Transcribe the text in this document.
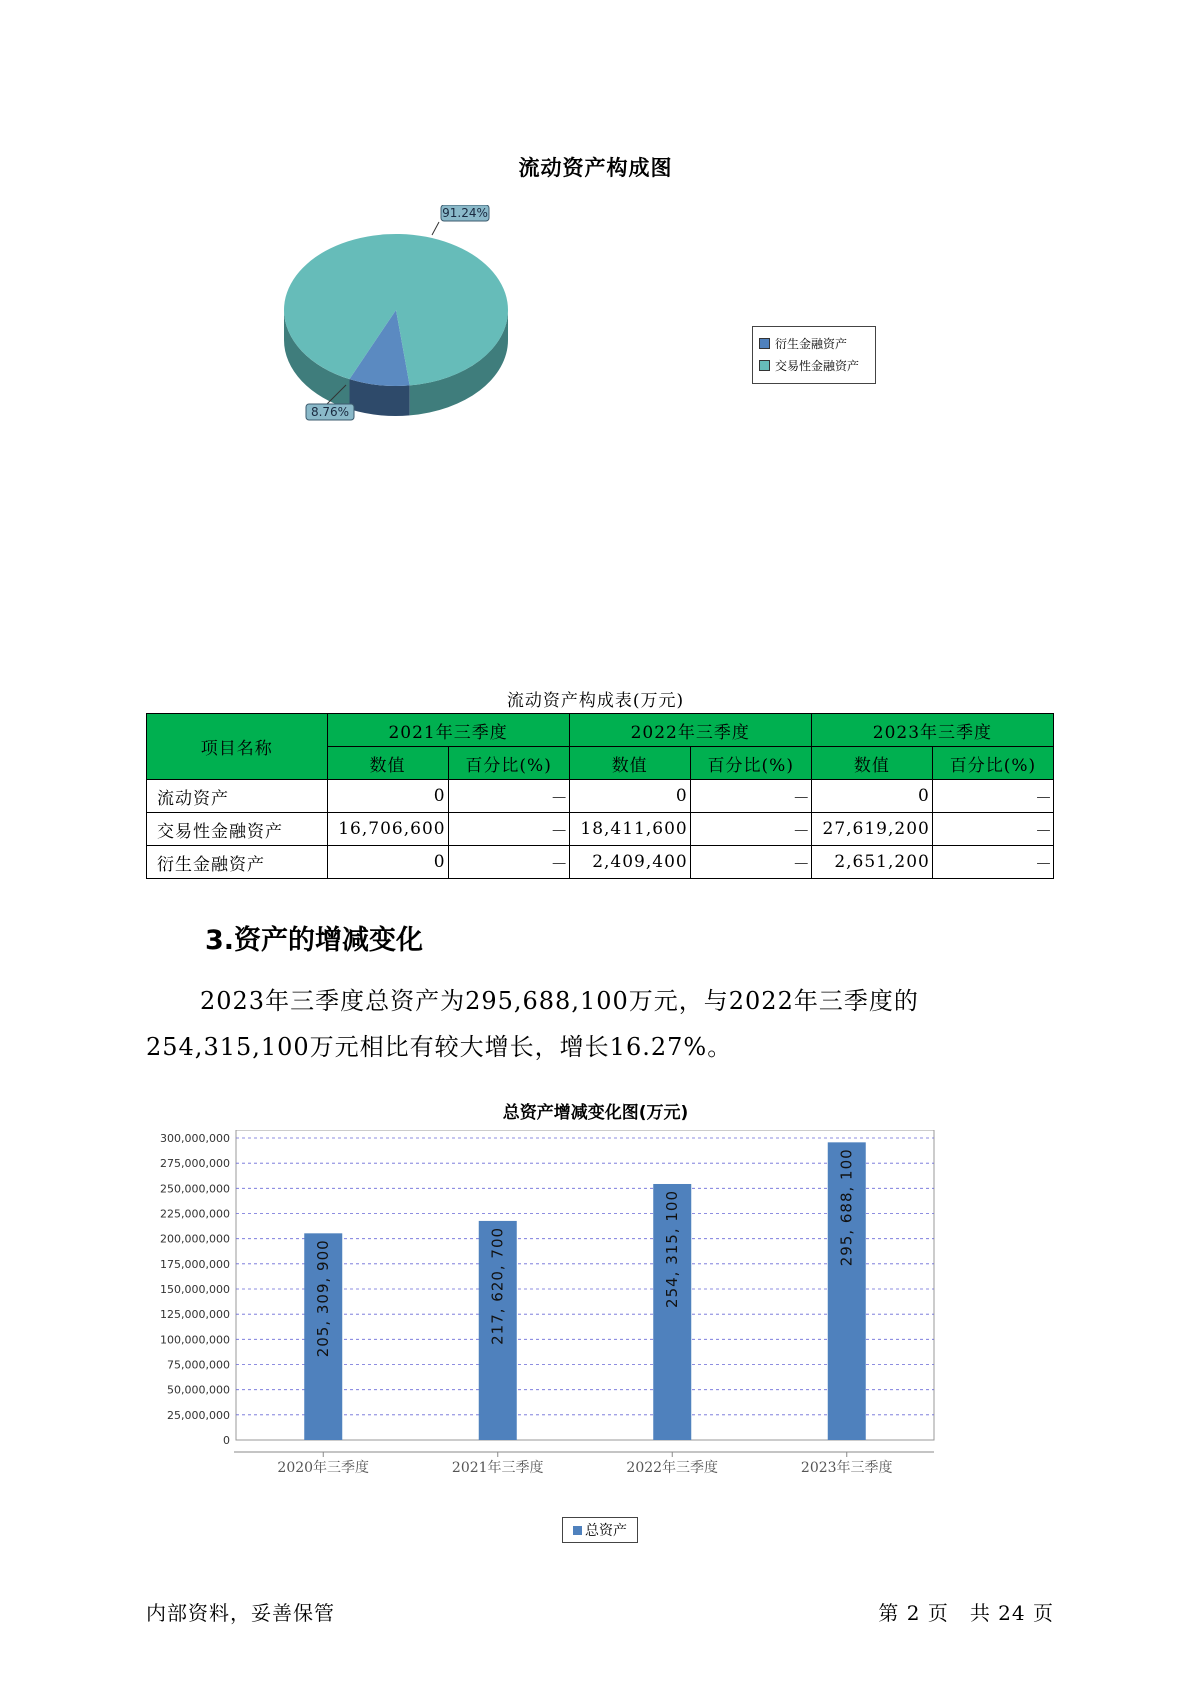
流动资产构成图
8.76%
91.24%
衍生金融资产
交易性金融资产
流动资产构成表(万元)
项目名称	2021年三季度		2022年三季度		2023年三季度	
	数值	百分比(%)	数值	百分比(%)	数值	百分比(%)
流动资产	0	－	0	－	0	－
交易性金融资产	16,706,600	－	18,411,600	－	27,619,200	－
衍生金融资产	0	－	2,409,400	－	2,651,200	－
3.资产的增减变化
2023年三季度总资产为295,688,100万元，与2022年三季度的254,315,100万元相比有较大增长，增长16.27%。
总资产增减变化图(万元)
0
25,000,000
50,000,000
75,000,000
100,000,000
125,000,000
150,000,000
175,000,000
200,000,000
225,000,000
250,000,000
275,000,000
300,000,000
2020年三季度
205, 309, 900
2021年三季度
217, 620, 700
2022年三季度
254, 315, 100
2023年三季度
295, 688, 100
总资产
内部资料，妥善保管	第 2 页　共 24 页
